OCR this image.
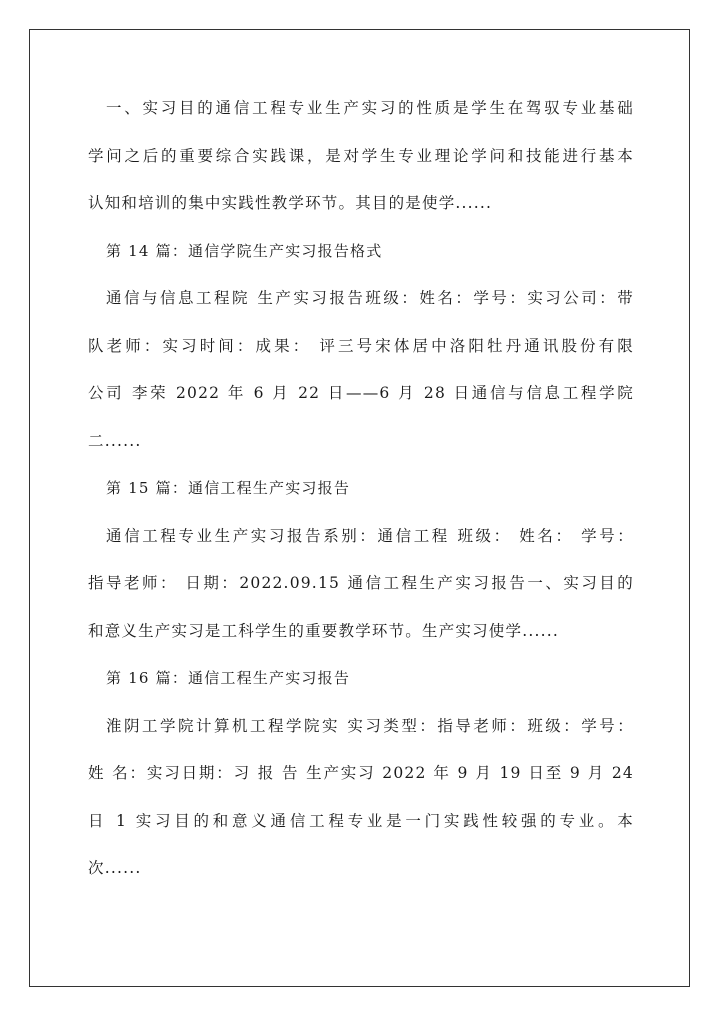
一、实习目的通信工程专业生产实习的性质是学生在驾驭专业基础
学问之后的重要综合实践课，是对学生专业理论学问和技能进行基本
认知和培训的集中实践性教学环节。其目的是使学......
第 14 篇：通信学院生产实习报告格式
通信与信息工程院 生产实习报告班级：姓名：学号：实习公司：带
队老师：实习时间：成果： 评三号宋体居中洛阳牡丹通讯股份有限
公司 李荣 2022 年 6 月 22 日——6 月 28 日通信与信息工程学院
二......
第 15 篇：通信工程生产实习报告
通信工程专业生产实习报告系别：通信工程 班级： 姓名： 学号：
指导老师： 日期：2022.09.15 通信工程生产实习报告一、实习目的
和意义生产实习是工科学生的重要教学环节。生产实习使学......
第 16 篇：通信工程生产实习报告
淮阴工学院计算机工程学院实 实习类型：指导老师：班级：学号：
姓 名：实习日期：习 报 告 生产实习 2022 年 9 月 19 日至 9 月 24
日 1 实习目的和意义通信工程专业是一门实践性较强的专业。本
次......
